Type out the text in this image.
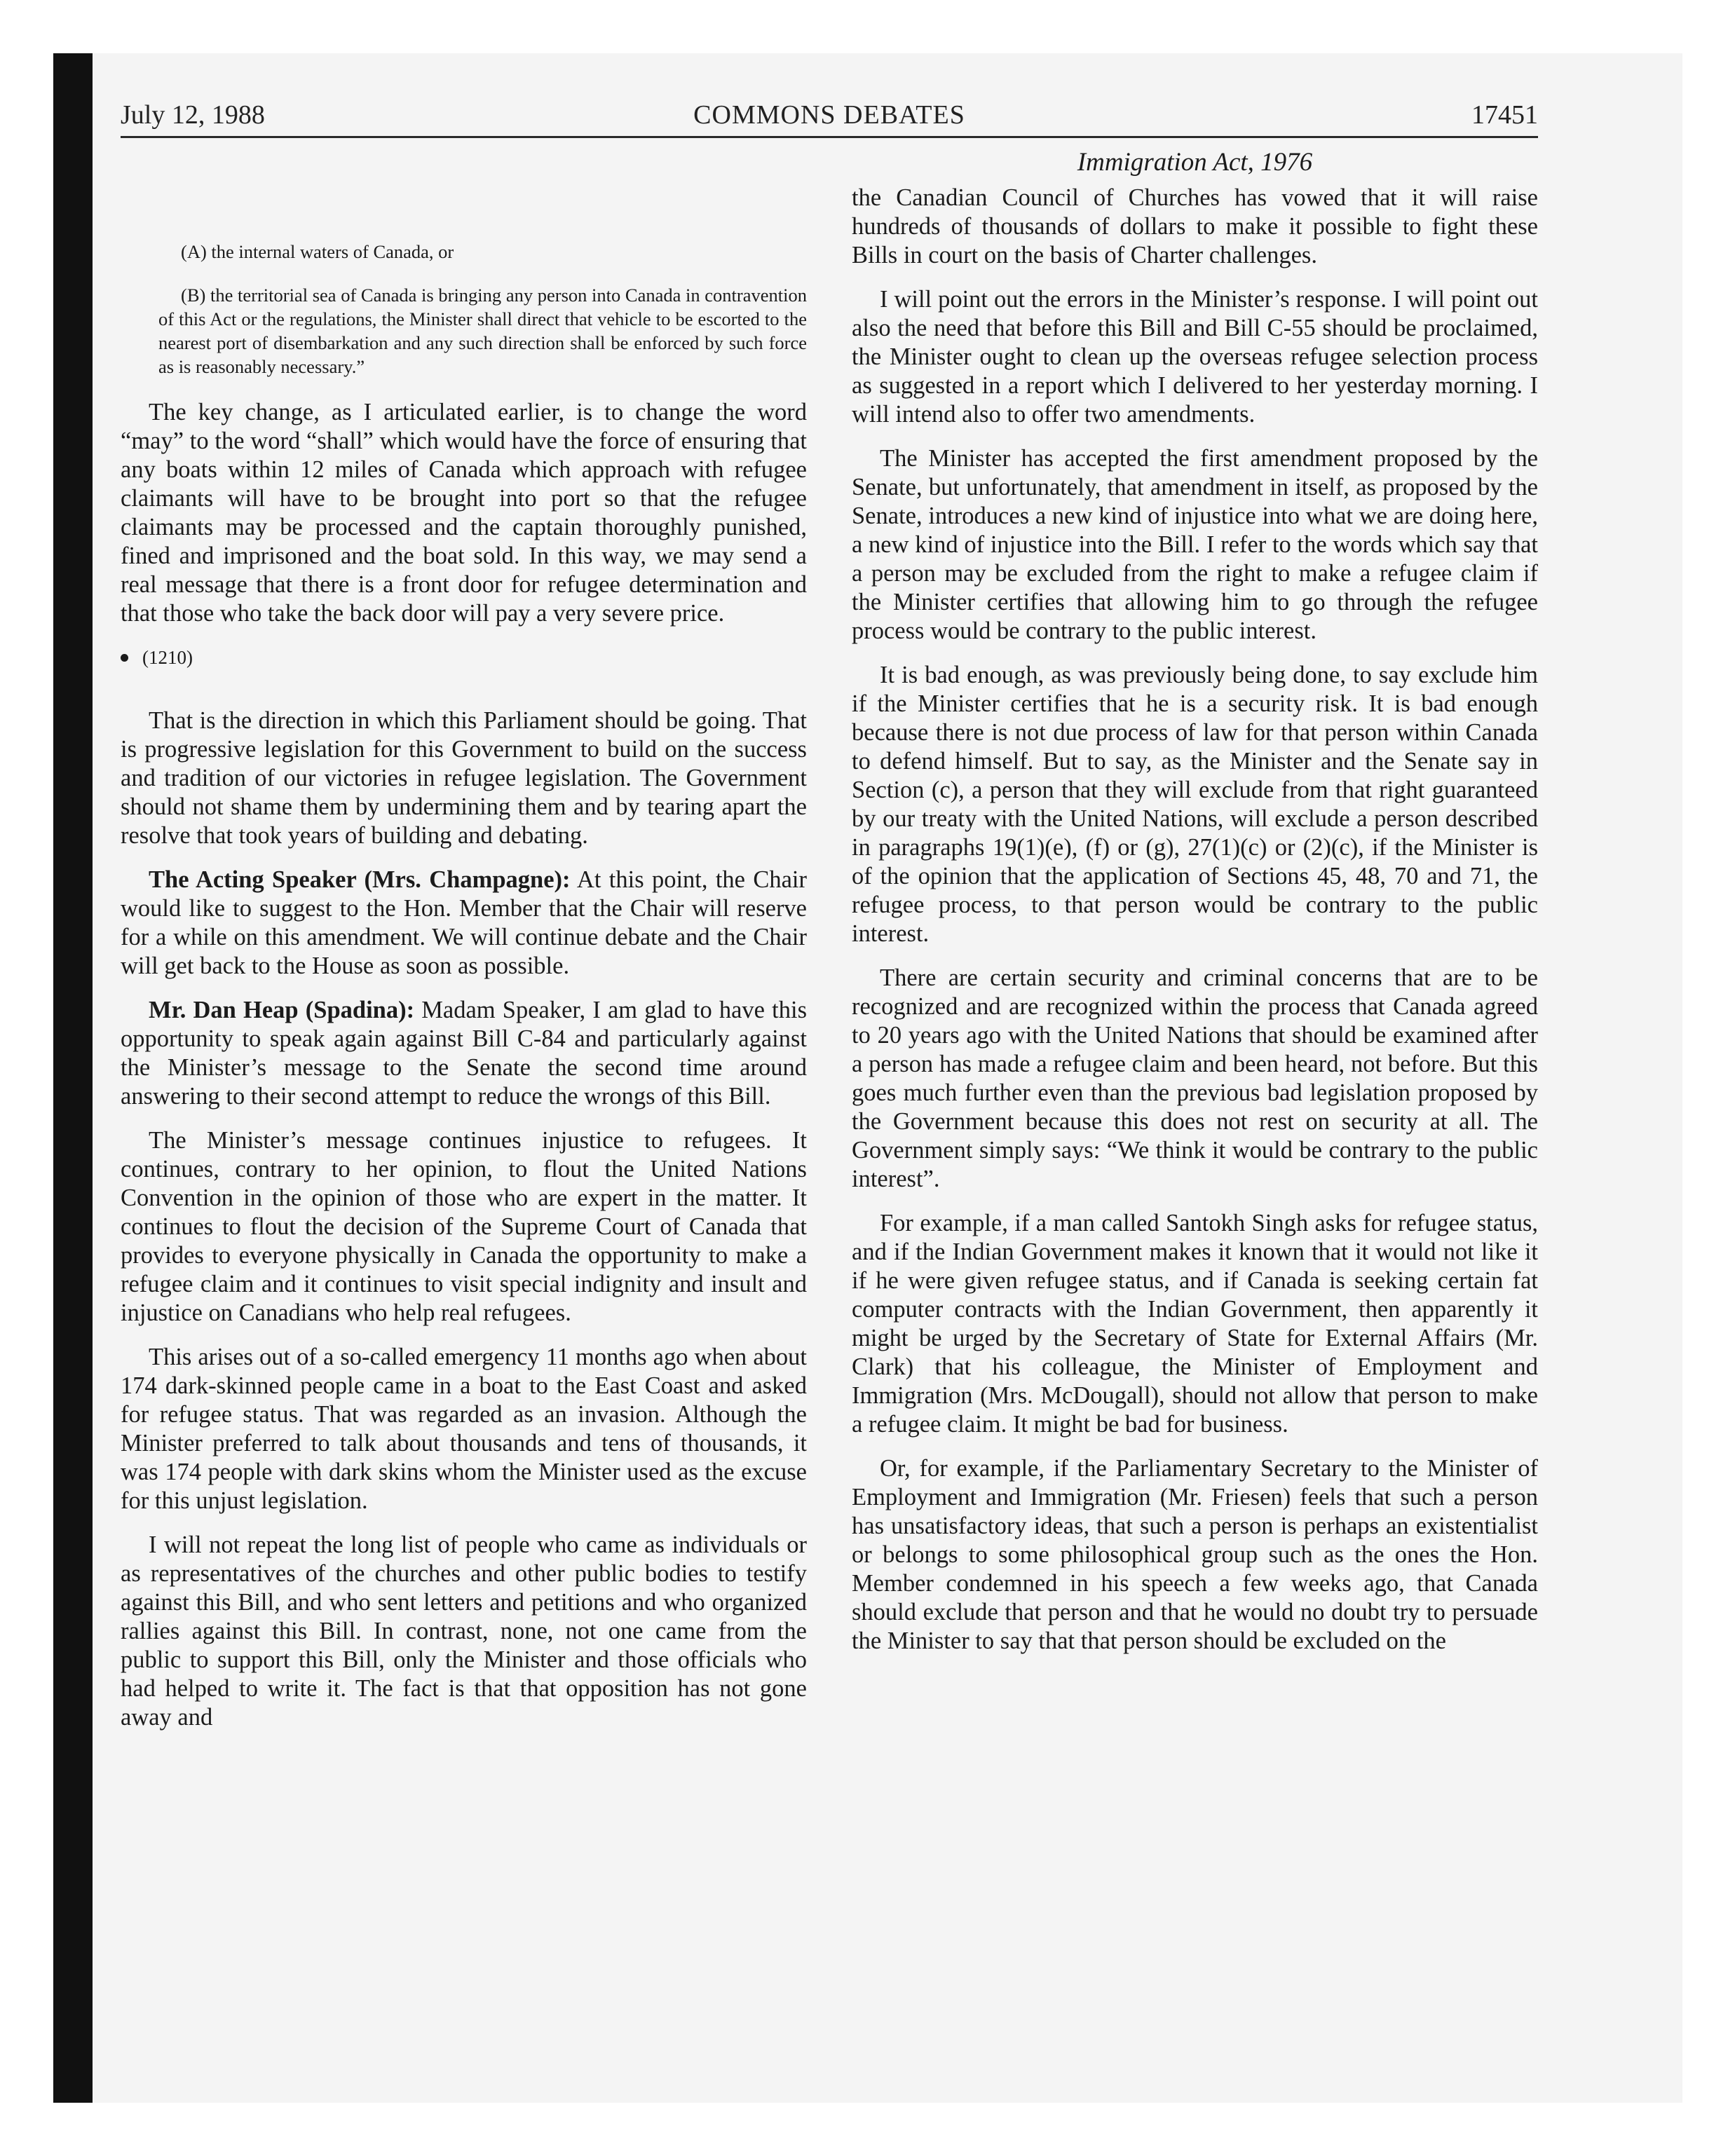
July 12, 1988	COMMONS DEBATES	17451
Immigration Act, 1976
(A) the internal waters of Canada, or
(B) the territorial sea of Canada is bringing any person into Canada in contravention of this Act or the regulations, the Minister shall direct that vehicle to be escorted to the nearest port of disembarkation and any such direction shall be enforced by such force as is reasonably necessary.”

The key change, as I articulated earlier, is to change the word “may” to the word “shall” which would have the force of ensuring that any boats within 12 miles of Canada which approach with refugee claimants will have to be brought into port so that the refugee claimants may be processed and the captain thoroughly punished, fined and imprisoned and the boat sold. In this way, we may send a real message that there is a front door for refugee determination and that those who take the back door will pay a very severe price.

(1210)

That is the direction in which this Parliament should be going. That is progressive legislation for this Government to build on the success and tradition of our victories in refugee legislation. The Government should not shame them by undermining them and by tearing apart the resolve that took years of building and debating.

The Acting Speaker (Mrs. Champagne): At this point, the Chair would like to suggest to the Hon. Member that the Chair will reserve for a while on this amendment. We will continue debate and the Chair will get back to the House as soon as possible.

Mr. Dan Heap (Spadina): Madam Speaker, I am glad to have this opportunity to speak again against Bill C-84 and particularly against the Minister’s message to the Senate the second time around answering to their second attempt to reduce the wrongs of this Bill.

The Minister’s message continues injustice to refugees. It continues, contrary to her opinion, to flout the United Nations Convention in the opinion of those who are expert in the matter. It continues to flout the decision of the Supreme Court of Canada that provides to everyone physically in Canada the opportunity to make a refugee claim and it continues to visit special indignity and insult and injustice on Canadians who help real refugees.

This arises out of a so-called emergency 11 months ago when about 174 dark-skinned people came in a boat to the East Coast and asked for refugee status. That was regarded as an invasion. Although the Minister preferred to talk about thousands and tens of thousands, it was 174 people with dark skins whom the Minister used as the excuse for this unjust legislation.

I will not repeat the long list of people who came as individuals or as representatives of the churches and other public bodies to testify against this Bill, and who sent letters and petitions and who organized rallies against this Bill. In contrast, none, not one came from the public to support this Bill, only the Minister and those officials who had helped to write it. The fact is that that opposition has not gone away and

the Canadian Council of Churches has vowed that it will raise hundreds of thousands of dollars to make it possible to fight these Bills in court on the basis of Charter challenges.

I will point out the errors in the Minister’s response. I will point out also the need that before this Bill and Bill C-55 should be proclaimed, the Minister ought to clean up the overseas refugee selection process as suggested in a report which I delivered to her yesterday morning. I will intend also to offer two amendments.

The Minister has accepted the first amendment proposed by the Senate, but unfortunately, that amendment in itself, as proposed by the Senate, introduces a new kind of injustice into what we are doing here, a new kind of injustice into the Bill. I refer to the words which say that a person may be excluded from the right to make a refugee claim if the Minister certifies that allowing him to go through the refugee process would be contrary to the public interest.

It is bad enough, as was previously being done, to say exclude him if the Minister certifies that he is a security risk. It is bad enough because there is not due process of law for that person within Canada to defend himself. But to say, as the Minister and the Senate say in Section (c), a person that they will exclude from that right guaranteed by our treaty with the United Nations, will exclude a person described in paragraphs 19(1)(e), (f) or (g), 27(1)(c) or (2)(c), if the Minister is of the opinion that the application of Sections 45, 48, 70 and 71, the refugee process, to that person would be contrary to the public interest.

There are certain security and criminal concerns that are to be recognized and are recognized within the process that Canada agreed to 20 years ago with the United Nations that should be examined after a person has made a refugee claim and been heard, not before. But this goes much further even than the previous bad legislation proposed by the Government because this does not rest on security at all. The Government simply says: “We think it would be contrary to the public interest”.

For example, if a man called Santokh Singh asks for refugee status, and if the Indian Government makes it known that it would not like it if he were given refugee status, and if Canada is seeking certain fat computer contracts with the Indian Government, then apparently it might be urged by the Secretary of State for External Affairs (Mr. Clark) that his colleague, the Minister of Employment and Immigration (Mrs. McDougall), should not allow that person to make a refugee claim. It might be bad for business.

Or, for example, if the Parliamentary Secretary to the Minister of Employment and Immigration (Mr. Friesen) feels that such a person has unsatisfactory ideas, that such a person is perhaps an existentialist or belongs to some philosophical group such as the ones the Hon. Member condemned in his speech a few weeks ago, that Canada should exclude that person and that he would no doubt try to persuade the Minister to say that that person should be excluded on the
